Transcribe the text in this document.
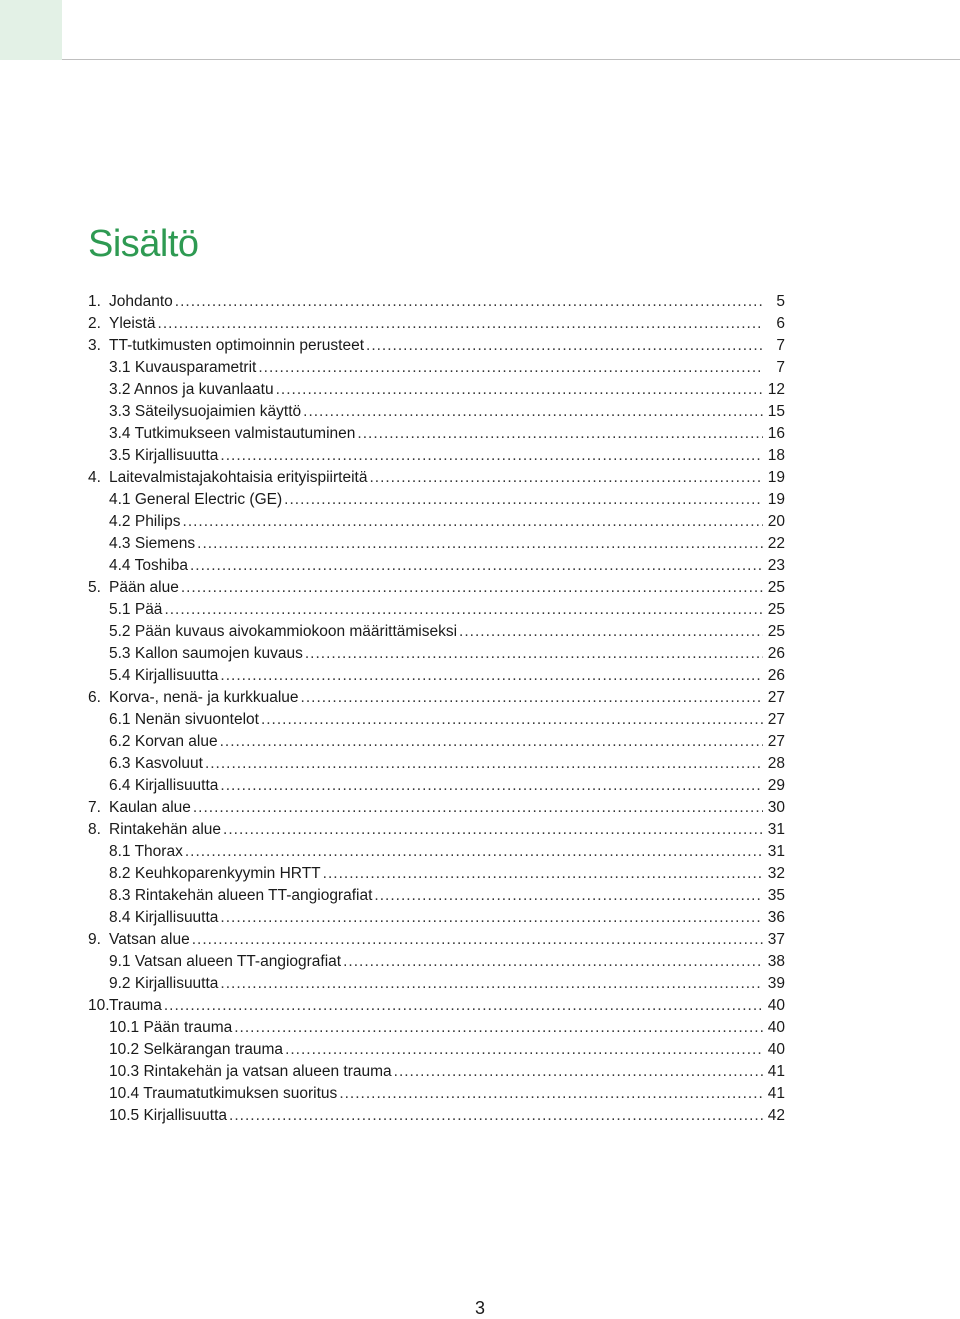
Sisältö
1. Johdanto .....	5
2. Yleistä .....	6
3. TT-tutkimusten optimoinnin perusteet .....	7
3.1 Kuvausparametrit .....	7
3.2 Annos ja kuvanlaatu .....	12
3.3 Säteilysuojaimien käyttö .....	15
3.4 Tutkimukseen valmistautuminen .....	16
3.5 Kirjallisuutta .....	18
4. Laitevalmistajakohtaisia erityispiirteitä .....	19
4.1 General Electric (GE) .....	19
4.2 Philips .....	20
4.3 Siemens .....	22
4.4 Toshiba .....	23
5. Pään alue .....	25
5.1 Pää .....	25
5.2 Pään kuvaus aivokammiokoon määrittämiseksi .....	25
5.3 Kallon saumojen kuvaus .....	26
5.4 Kirjallisuutta .....	26
6. Korva-, nenä- ja kurkkualue .....	27
6.1 Nenän sivuontelot .....	27
6.2 Korvan alue .....	27
6.3 Kasvoluut .....	28
6.4 Kirjallisuutta .....	29
7. Kaulan alue .....	30
8. Rintakehän alue .....	31
8.1 Thorax .....	31
8.2 Keuhkoparenkyymin HRTT .....	32
8.3 Rintakehän alueen TT-angiografiat .....	35
8.4 Kirjallisuutta .....	36
9. Vatsan alue .....	37
9.1 Vatsan alueen TT-angiografiat .....	38
9.2 Kirjallisuutta .....	39
10.Trauma .....	40
10.1 Pään trauma .....	40
10.2 Selkärangan trauma .....	40
10.3 Rintakehän ja vatsan alueen trauma .....	41
10.4 Traumatutkimuksen suoritus .....	41
10.5 Kirjallisuutta .....	42
3
